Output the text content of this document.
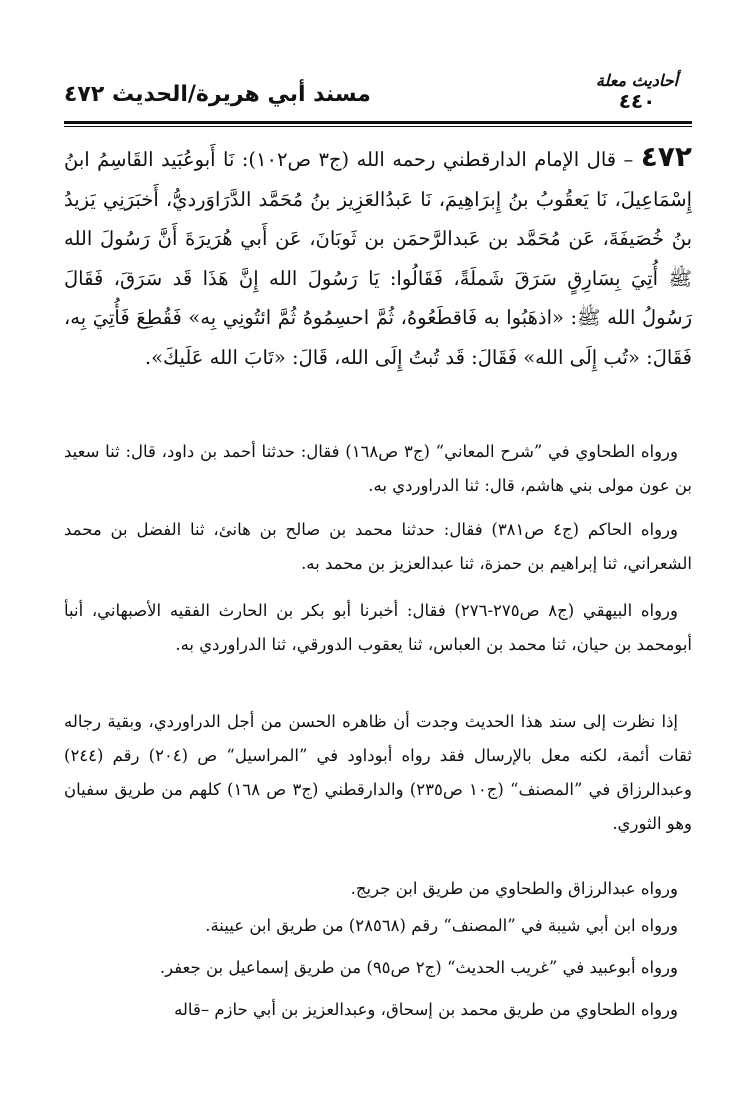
أحاديث معلة
٤٤٠
مسند أبي هريرة/الحديث ٤٧٢
٤٧٢ – قال الإمام الدارقطني رحمه الله (ج٣ ص١٠٢): نَا أَبوعُبَيد القَاسِمُ ابنُ إِسْمَاعِيلَ، نَا يَعقُوبُ بنُ إِبرَاهِيمَ، نَا عَبدُالعَزِيز بنُ مُحَمَّد الدَّرَاوَرديُّ، أَخبَرَنِي يَزيدُ بنُ خُصَيفَةَ، عَن مُحَمَّد بن عَبدالرَّحمَن بن ثَوبَانَ، عَن أَبي هُرَيرَةَ أَنَّ رَسُولَ الله ﷺ أُتِيَ بِسَارِقٍ سَرَقَ شَملَةً، فَقَالُوا: يَا رَسُولَ الله إِنَّ هَذَا قَد سَرَقَ، فَقَالَ رَسُولُ الله ﷺ: «اذهَبُوا به فَاقطَعُوهُ، ثُمَّ احسِمُوهُ ثُمَّ ائتُونِي بِه» فَقُطِعَ فَأُتِيَ بِه، فَقَالَ: «تُب إِلَى الله» فَقَالَ: قَد تُبتُ إِلَى الله، قَالَ: «تَابَ الله عَلَيكَ».
ورواه الطحاوي في ”شرح المعاني“ (ج٣ ص١٦٨) فقال: حدثنا أحمد بن داود، قال: ثنا سعيد بن عون مولى بني هاشم، قال: ثنا الدراوردي به.
ورواه الحاكم (ج٤ ص٣٨١) فقال: حدثنا محمد بن صالح بن هانئ، ثنا الفضل بن محمد الشعراني، ثنا إبراهيم بن حمزة، ثنا عبدالعزيز بن محمد به.
ورواه البيهقي (ج٨ ص٢٧٥-٢٧٦) فقال: أخبرنا أبو بكر بن الحارث الفقيه الأصبهاني، أنبأ أبومحمد بن حيان، ثنا محمد بن العباس، ثنا يعقوب الدورقي، ثنا الدراوردي به.
إذا نظرت إلى سند هذا الحديث وجدت أن ظاهره الحسن من أجل الدراوردي، وبقية رجاله ثقات أئمة، لكنه معل بالإرسال فقد رواه أبوداود في ”المراسيل“ ص (٢٠٤) رقم (٢٤٤) وعبدالرزاق في ”المصنف“ (ج١٠ ص٢٣٥) والدارقطني (ج٣ ص ١٦٨) كلهم من طريق سفيان وهو الثوري.
ورواه عبدالرزاق والطحاوي من طريق ابن جريج.
ورواه ابن أبي شيبة في ”المصنف“ رقم (٢٨٥٦٨) من طريق ابن عيينة.
ورواه أبوعبيد في ”غريب الحديث“ (ج٢ ص٩٥) من طريق إسماعيل بن جعفر.
ورواه الطحاوي من طريق محمد بن إسحاق، وعبدالعزيز بن أبي حازم –قاله
